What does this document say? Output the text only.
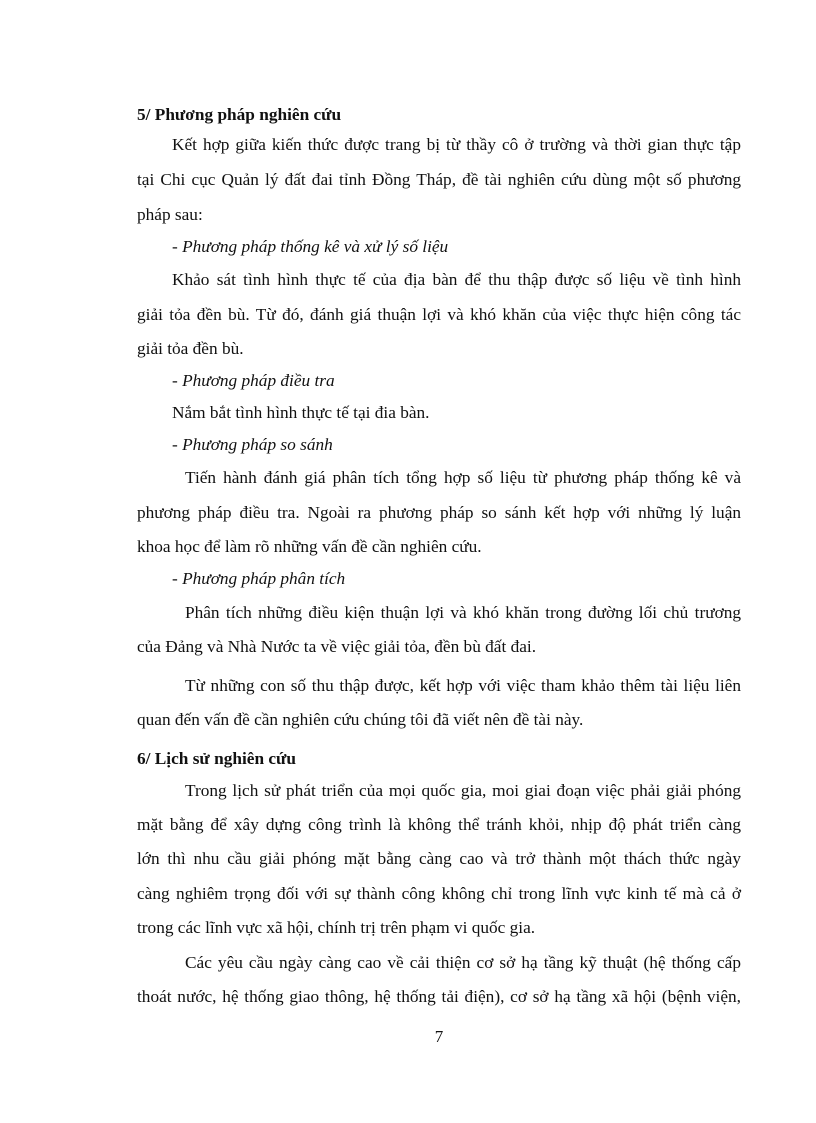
5/ Phương pháp nghiên cứu
Kết hợp giữa kiến thức được trang bị từ thầy cô ở trường và thời gian thực tập
tại Chi cục Quản lý đất đai tỉnh Đồng Tháp, đề tài nghiên cứu dùng một số phương
pháp sau:
- Phương pháp thống kê và xử lý số liệu
Khảo sát tình hình thực tế của địa bàn để thu thập được số liệu về tình hình
giải tỏa đền bù. Từ đó, đánh giá thuận lợi và khó khăn của việc thực hiện công tác
giải tỏa đền bù.
- Phương pháp điều tra
Nắm bắt tình hình thực tế tại đia bàn.
- Phương pháp so sánh
Tiến hành đánh giá phân tích tổng hợp số liệu từ phương pháp thống kê và
phương pháp điều tra. Ngoài ra phương pháp so sánh kết hợp với những lý luận
khoa học để làm rõ những vấn đề cần nghiên cứu.
- Phương pháp phân tích
Phân tích những điều kiện thuận lợi và khó khăn trong đường lối chủ trương
của Đảng và Nhà Nước ta về việc giải tỏa, đền bù đất đai.
Từ những con số thu thập được, kết hợp với việc tham khảo thêm tài liệu liên
quan đến vấn đề cần nghiên cứu chúng tôi đã viết nên đề tài này.
6/ Lịch sử nghiên cứu
Trong lịch sử phát triển của mọi quốc gia, moi giai đoạn việc phải giải phóng
mặt bằng để xây dựng công trình là không thể tránh khỏi, nhịp độ phát triển càng
lớn thì nhu cầu giải phóng mặt bằng càng cao và trở thành một thách thức ngày
càng nghiêm trọng đối với sự thành công không chỉ trong lĩnh vực kinh tế mà cả ở
trong các lĩnh vực xã hội, chính trị trên phạm vi quốc gia.
Các yêu cầu ngày càng cao về cải thiện cơ sở hạ tầng kỹ thuật (hệ thống cấp
thoát nước, hệ thống giao thông, hệ thống tải điện), cơ sở hạ tầng xã hội (bệnh viện,
7
